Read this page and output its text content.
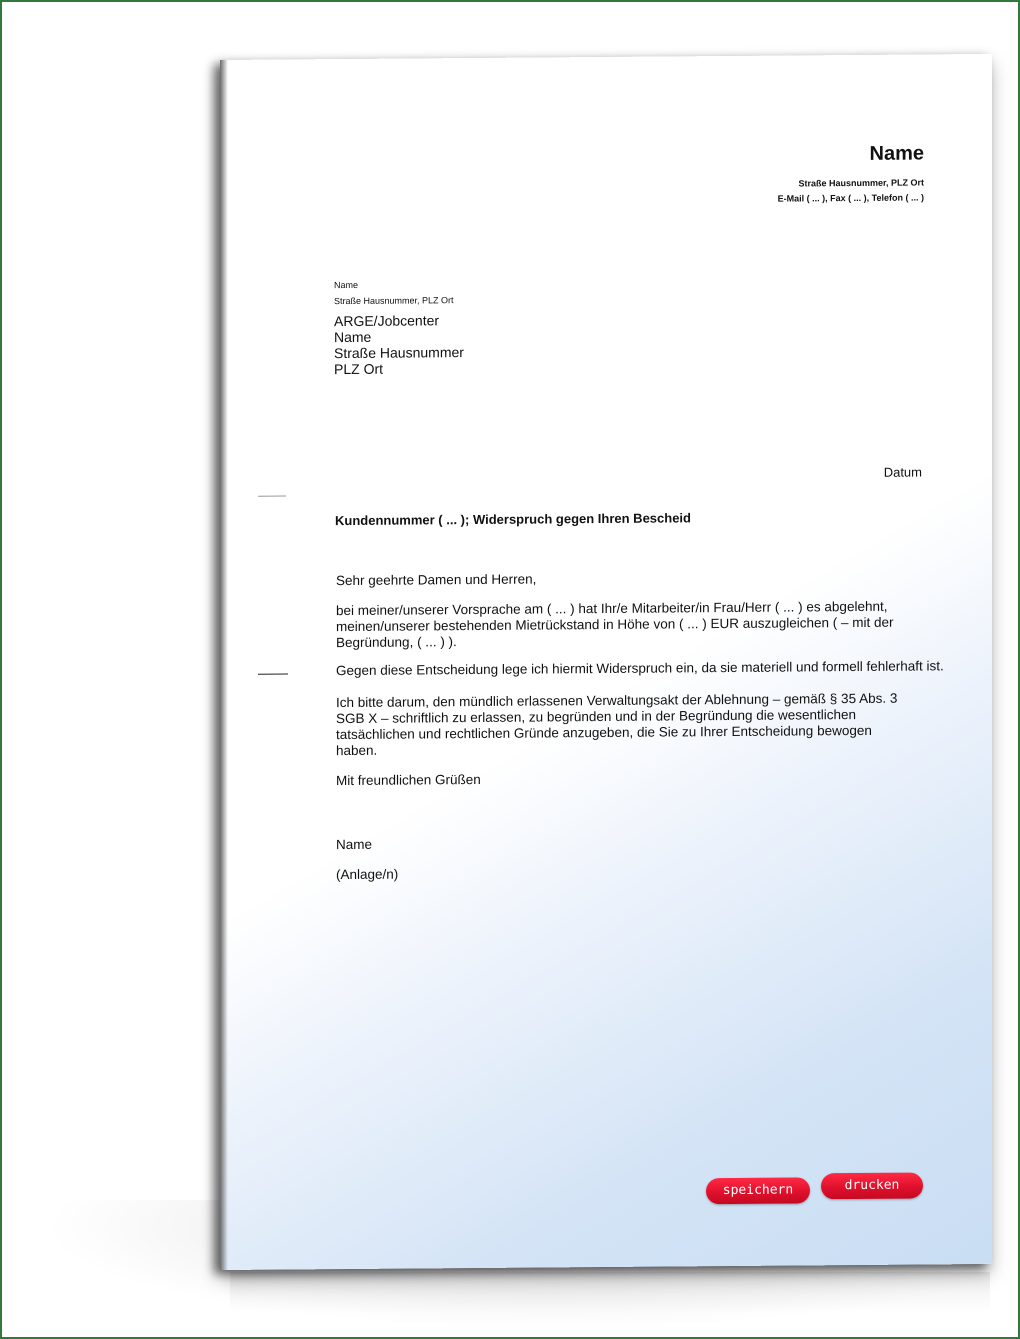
Name
Straße Hausnummer, PLZ Ort
E-Mail ( ... ), Fax ( ... ), Telefon ( ... )
Name
Straße Hausnummer, PLZ Ort
ARGE/Jobcenter
Name
Straße Hausnummer
PLZ Ort
Datum
Kundennummer ( ... ); Widerspruch gegen Ihren Bescheid

Sehr geehrte Damen und Herren,

bei meiner/unserer Vorsprache am ( ... ) hat Ihr/e Mitarbeiter/in Frau/Herr ( ... ) es abgelehnt, meinen/unserer bestehenden Mietrückstand in Höhe von ( ... ) EUR auszugleichen ( – mit der Begründung, ( ... ) ).

Gegen diese Entscheidung lege ich hiermit Widerspruch ein, da sie materiell und formell fehlerhaft ist.

Ich bitte darum, den mündlich erlassenen Verwaltungsakt der Ablehnung – gemäß § 35 Abs. 3 SGB X – schriftlich zu erlassen, zu begründen und in der Begründung die wesentlichen tatsächlichen und rechtlichen Gründe anzugeben, die Sie zu Ihrer Entscheidung bewogen haben.

Mit freundlichen Grüßen

Name

(Anlage/n)

speichern	drucken
